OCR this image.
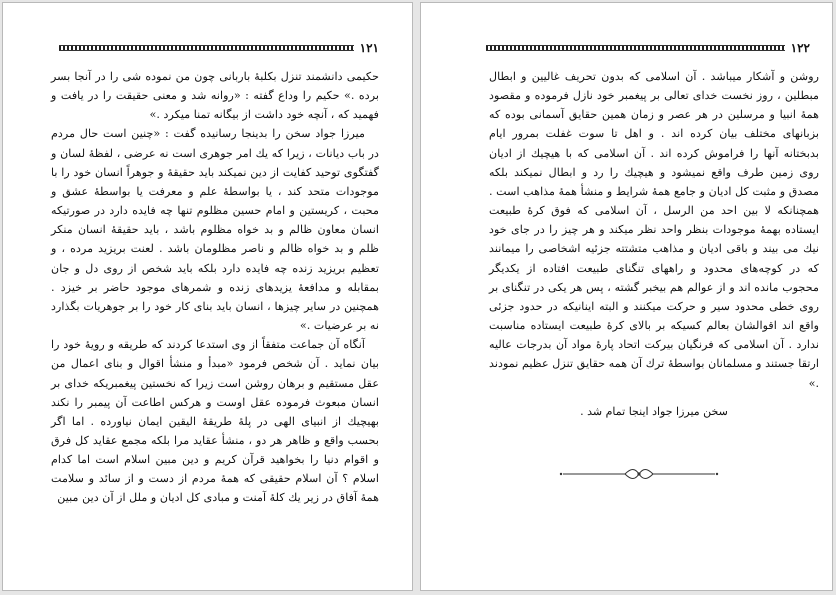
۱۲۱

حکیمی دانشمند تنزل بکلبهٔ باربانی چون من نموده شی را در آنجا بسر برده .» حکیم را وداع گفته : «روانه شد و معنی حقیقت را در یافت و فهمید که ، آنچه خود داشت از بیگانه تمنا میکرد .»

میرزا جواد سخن را بدینجا رسانیده گفت : «چنین است حال مردم در باب دیانات ، زیرا که یك امر جوهری است نه عرضی ، لفظهٔ لسان و گفتگوی توحید کفایت از دین نمیکند باید حقیقهٔ و جوهراً انسان خود را با موجودات متحد کند ، یا بواسطهٔ علم و معرفت یا بواسطهٔ عشق و محبت ، کریستین و امام حسین مظلوم تنها چه فایده دارد در صورتیکه انسان معاون ظالم و بد خواه مظلوم باشد ، باید حقیقهٔ انسان منکر ظلم و بد خواه ظالم و ناصر مظلومان باشد . لعنت بریزید مرده ، و تعظیم بریزید زنده چه فایده دارد بلکه باید شخص از روی دل و جان بمقابله و مدافعهٔ یزیدهای زنده و شمرهای موجود حاضر بر خیزد . همچنین در سایر چیزها ، انسان باید بنای کار خود را بر جوهریات بگذارد نه بر عرضیات .»

آنگاه آن جماعت متفقاً از وی استدعا کردند که طریقه و رویهٔ خود را بیان نماید . آن شخص فرمود «مبدأ و منشأ اقوال و بنای اعمال من عقل مستقیم و برهان روشن است زیرا که نخستین پیغمبریکه خدای بر انسان مبعوث فرموده عقل اوست و هرکس اطاعت آن پیمبر را نکند بهیچیك از انبیای الهی در پلهٔ طریقهٔ الیقین ایمان نیاورده . اما اگر بحسب واقع و ظاهر هر دو ، منشأ عقاید مرا بلکه مجمع عقاید کل فرق و اقوام دنیا را بخواهید قرآن کریم و دین مبین اسلام است اما کدام اسلام ؟ آن اسلام حقیقی که همهٔ مردم از دست و از سائد و سلامت همهٔ آفاق در زیر یك کلهٔ آمنت و مبادی کل ادیان و ملل از آن دین مبین

۱۲۲

روشن و آشکار میباشد . آن اسلامی که بدون تحریف غالیین و ابطال مبطلین ، روز نخست خدای تعالی بر پیغمبر خود نازل فرموده و مقصود همهٔ انبیا و مرسلین در هر عصر و زمان همین حقایق آسمانی بوده که بزبانهای مختلف بیان کرده اند . و اهل تا سوت غفلت بمرور ایام بدبختانه آنها را فراموش کرده اند . آن اسلامی که با هیچیك از ادیان روی زمین طرف واقع نمیشود و هیچیك را رد و ابطال نمیکند بلکه مصدق و مثبت کل ادیان و جامع همهٔ شرایط و منشأ همهٔ مذاهب است . همچنانکه لا بین احد من الرسل ، آن اسلامی که فوق کرهٔ طبیعت ایستاده بهمهٔ موجودات بنظر واحد نظر میکند و هر چیز را در جای خود نیك می بیند و باقی ادیان و مذاهب متشتته جزئیه اشخاصی را میمانند که در کوچه‌های محدود و راههای تنگنای طبیعت افتاده از یکدیگر محجوب مانده اند و از عوالم هم بیخبر گشته ، پس هر یکی در تنگنای بر روی خطی محدود سیر و حرکت میکنند و البته اینانیکه در حدود جزئی واقع اند اقوالشان بعالم کسیکه بر بالای کرهٔ طبیعت ایستاده مناسبت ندارد . آن اسلامی که فرنگیان بیرکت اتحاد پارهٔ مواد آن بدرجات عالیه ارتقا جستند و مسلمانان بواسطهٔ ترك آن همه حقایق تنزل عظیم نمودند .»

سخن میرزا جواد اینجا تمام شد .
